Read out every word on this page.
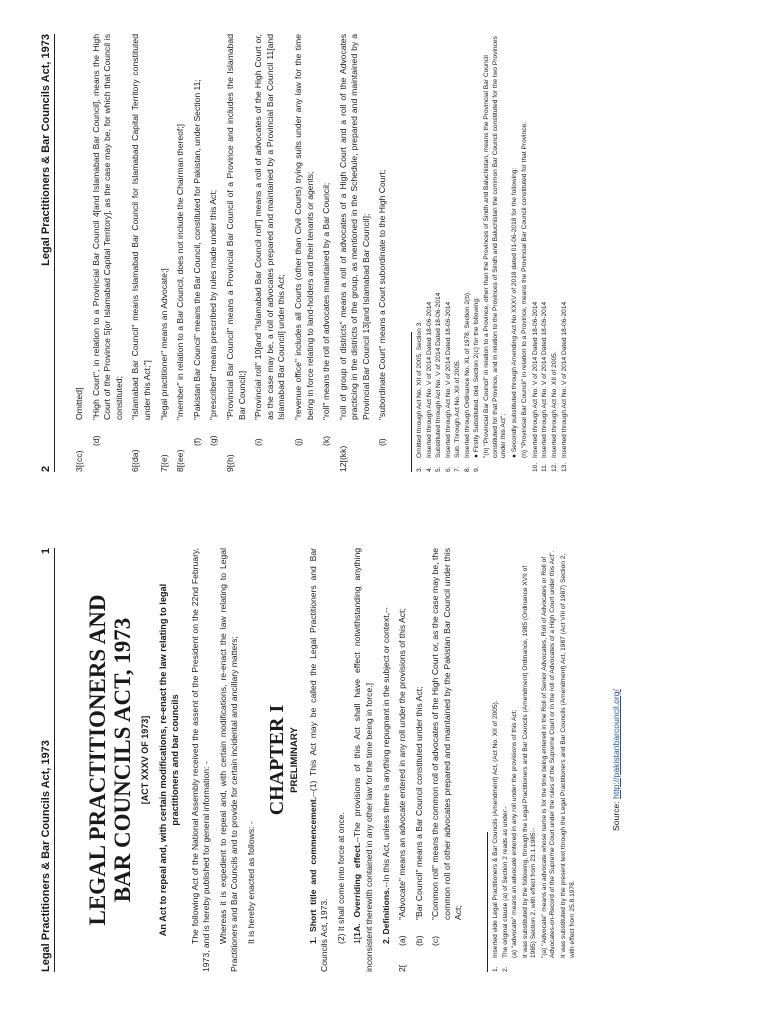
Legal Practitioners & Bar Councils Act, 1973
1
LEGAL PRACTITIONERS AND BAR COUNCILS ACT, 1973 [ACT XXXV OF 1973] An Act to repeal and, with certain modifications, re-enact the law relating to legal practitioners and bar councils The following Act of the National Assembly received the assent of the President on the 22nd February, 1973, and is hereby published for general information: - Whereas it is expedient to repeal and, with certain modifications, re-enact the law relating to Legal Practitioners and Bar Councils and to provide for certain incidental and ancillary matters; It is hereby enacted as follows: -

CHAPTER I PRELIMINARY

1. Short title and commencement.--(1) This Act may be called the Legal Practitioners and Bar Councils Act, 1973. (2) It shall come into force at once. 1[1A. Overriding effect.--The provisions of this Act shall have effect notwithstanding anything inconsistent therewith contained in any other law for the time being in force.] 2. Definitions.--In this Act, unless there is anything repugnant in the subject or context,--

2[
(a)
"Advocate" means an advocate entered in any roll under the provisions of this Act;
(b)
"Bar Council" means a Bar Council constituted under this Act;
(c)
"Common roll" means the common roll of advocates of the High Court or, as the case may be, the common roll of other advocates prepared and maintained by the Pakistan Bar Council under this Act;
1.
Inserted vide Legal Practitioners & Bar Councils (Amendment) Act, (Act No. XII of 2005).
2.
The original clause (a) of Section 2 reads as under:- (a) "advocate" means an advocate entered in any roll under the provisions of this Act; It was substituted by the following, through the Legal Practitioners and Bar Councils (Amendment) Ordinance, 1985 (Ordinance XVII of 1985) Section 2, with effect from 23.1.1985:- "(a) "Advocate" means an advocate whose name is for the time being entered in the Roll of Senior Advocates, Roll of Advocates or Roll of Advocates-on-Record of the Supreme Court under the rules of the Supreme Court or in the roll of Advocates of a High Court under this Act". It was substituted by the present text through the Legal Practitioners and Bar Councils (Amendment) Act, 1987 (Act VIII of 1987) Section 2, with effect from 25.8.1978.
Source: http://pakistanbarcouncil.org/
2
Legal Practitioners & Bar Councils Act, 1973
3[(cc)
Omitted]
(d)
"High Court", in relation to a Provincial Bar Council 4[and Islamabad Bar Council], means the High Court of the Province 5[or Islamabad Capital Territory], as the case may be, for which that Council is constituted;
6[(da)
"Islamabad Bar Council" means Islamabad Bar Council for Islamabad Capital Territory constituted under this Act;"]
7[(e)
"legal practitioner" means an Advocate;]
8[(ee)
"member" in relation to a Bar Council, does not include the Chairman thereof;]
(f)
"Pakistan Bar Council" means the Bar Council, constituted for Pakistan, under Section 11;
(g)
"prescribed" means prescribed by rules made under this Act;
9[(h)
"Provincial Bar Council" means a Provincial Bar Council of a Province and includes the Islamabad Bar Council;]
(i)
"Provincial roll" 10[and "Islamabad Bar Council roll"] means a roll of advocates of the High Court or, as the case may be, a roll of advocates prepared and maintained by a Provincial Bar Council 11[and Islamabad Bar Council] under this Act;
(j)
"revenue office" includes all Courts (other than Civil Courts) trying suits under any law for the time being in force relating to land-holders and their tenants or agents;
(k)
"roll" means the roll of advocates maintained by a Bar Council;
12[(kk)
"roll of group of districts" means a roll of advocates of a High Court and a roll of the Advocates practicing in the districts of the group, as mentioned in the Schedule, prepared and maintained by a Provincial Bar Council 13[and Islamabad Bar Council];
(l)
"subordinate Court" means a Court subordinate to the High Court;
3.
Omitted through Act No. XII of 2005, Section 3.
4.
Inserted through Act No. V of 2014 Dated 18-06-2014
5.
Substituted through Act No. V of 2014 Dated 18-06-2014
6.
Inserted through Act No. V of 2014 Dated 18-06-2014
7.
Sub. Through Act No. XII of 2005.
8.
Inserted through Ordinance No. XL of 1978, Section 2(b).
9.
● Firstly Substituted, ibid. Section 2(c) for the following: "(h) "Provincial Bar Council" in relation to a Province, other than the Provinces of Sindh and Baluchistan, means the Provincial Bar Council constituted for that Province, and in relation to the Provinces of Sindh and Baluchistan the common Bar Council constituted for the two Provinces under this Act"; ● Secondly substituted through Amending Act No XXXV of 2018 dated 01-06-2018 for the following: (h) "Provincial Bar Council" in relation to a Province, means the Provincial Bar Council constituted for that Province;
10.
Inserted through Act No. V of 2014 Dated 18-06-2014
11.
Inserted through Act No. V of 2014 Dated 18-06-2014
12.
Inserted through Act No. XII of 2005.
13.
Inserted through Act No. V of 2014 Dated 18-06-2014
